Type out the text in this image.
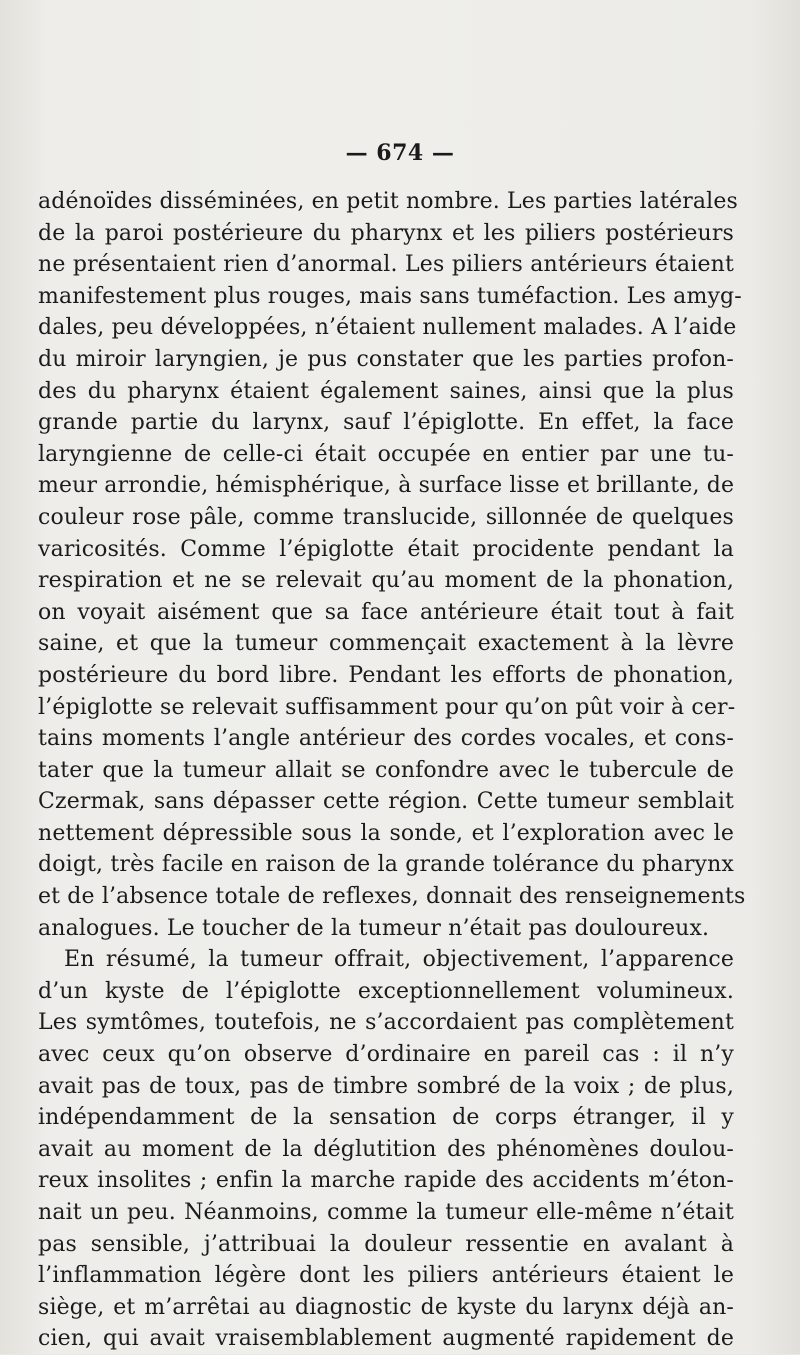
— 674 —
adénoïdes disséminées, en petit nombre. Les parties latérales
de la paroi postérieure du pharynx et les piliers postérieurs
ne présentaient rien d’anormal. Les piliers antérieurs étaient
manifestement plus rouges, mais sans tuméfaction. Les amyg-
dales, peu développées, n’étaient nullement malades. A l’aide
du miroir laryngien, je pus constater que les parties profon-
des du pharynx étaient également saines, ainsi que la plus
grande partie du larynx, sauf l’épiglotte. En effet, la face
laryngienne de celle-ci était occupée en entier par une tu-
meur arrondie, hémisphérique, à surface lisse et brillante, de
couleur rose pâle, comme translucide, sillonnée de quelques
varicosités. Comme l’épiglotte était procidente pendant la
respiration et ne se relevait qu’au moment de la phonation,
on voyait aisément que sa face antérieure était tout à fait
saine, et que la tumeur commençait exactement à la lèvre
postérieure du bord libre. Pendant les efforts de phonation,
l’épiglotte se relevait suffisamment pour qu’on pût voir à cer-
tains moments l’angle antérieur des cordes vocales, et cons-
tater que la tumeur allait se confondre avec le tubercule de
Czermak, sans dépasser cette région. Cette tumeur semblait
nettement dépressible sous la sonde, et l’exploration avec le
doigt, très facile en raison de la grande tolérance du pharynx
et de l’absence totale de reflexes, donnait des renseignements
analogues. Le toucher de la tumeur n’était pas douloureux.
En résumé, la tumeur offrait, objectivement, l’apparence
d’un kyste de l’épiglotte exceptionnellement volumineux.
Les symtômes, toutefois, ne s’accordaient pas complètement
avec ceux qu’on observe d’ordinaire en pareil cas : il n’y
avait pas de toux, pas de timbre sombré de la voix ; de plus,
indépendamment de la sensation de corps étranger, il y
avait au moment de la déglutition des phénomènes doulou-
reux insolites ; enfin la marche rapide des accidents m’éton-
nait un peu. Néanmoins, comme la tumeur elle-même n’était
pas sensible, j’attribuai la douleur ressentie en avalant à
l’inflammation légère dont les piliers antérieurs étaient le
siège, et m’arrêtai au diagnostic de kyste du larynx déjà an-
cien, qui avait vraisemblablement augmenté rapidement de
